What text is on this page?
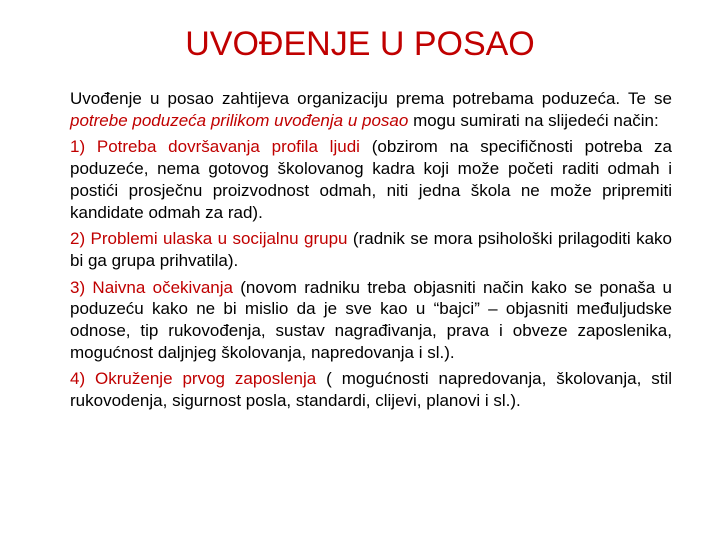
UVOĐENJE U POSAO

Uvođenje u posao zahtijeva organizaciju prema potrebama poduzeća. Te se potrebe poduzeća prilikom uvođenja u posao mogu sumirati na slijedeći način:

1) Potreba dovršavanja profila ljudi (obzirom na specifičnosti potreba za poduzeće, nema gotovog školovanog kadra koji može početi raditi odmah i postići prosječnu proizvodnost odmah, niti jedna škola ne može pripremiti kandidate odmah za rad).

2) Problemi ulaska u socijalnu grupu (radnik se mora psihološki prilagoditi kako bi ga grupa prihvatila).

3) Naivna očekivanja (novom radniku treba objasniti način kako se ponaša u poduzeću kako ne bi mislio da je sve kao u “bajci” – objasniti međuljudske odnose, tip rukovođenja, sustav nagrađivanja, prava i obveze zaposlenika, mogućnost daljnjeg školovanja, napredovanja i sl.).

4) Okruženje prvog zaposlenja ( mogućnosti napredovanja, školovanja, stil rukovodenja, sigurnost posla, standardi, clijevi, planovi i sl.).
